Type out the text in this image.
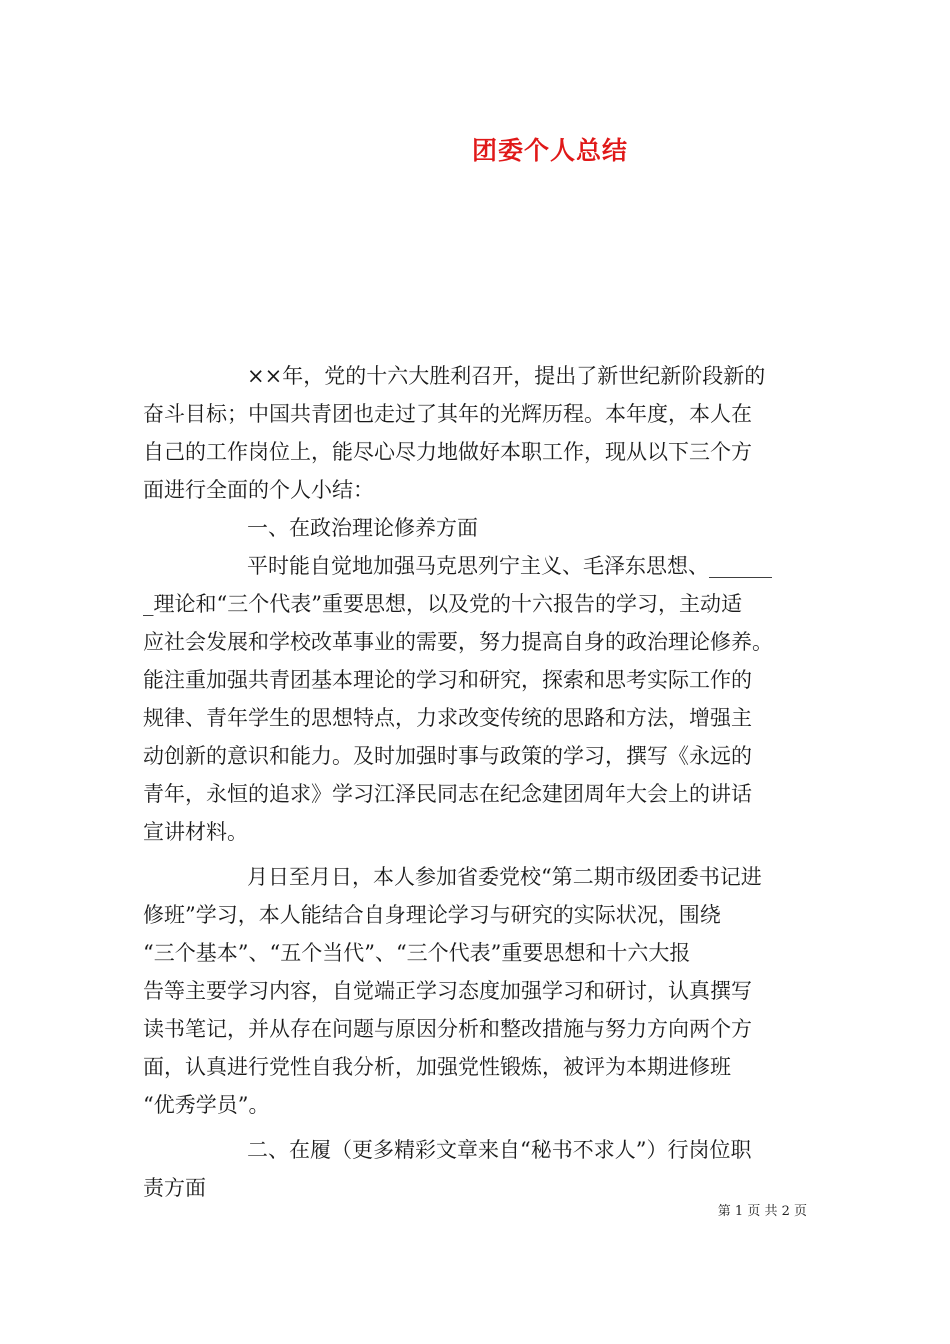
团委个人总结
××年，党的十六大胜利召开，提出了新世纪新阶段新的
奋斗目标；中国共青团也走过了其年的光辉历程。本年度，本人在
自己的工作岗位上，能尽心尽力地做好本职工作，现从以下三个方
面进行全面的个人小结：
一、在政治理论修养方面
平时能自觉地加强马克思列宁主义、毛泽东思想、______
_理论和“三个代表”重要思想，以及党的十六报告的学习，主动适
应社会发展和学校改革事业的需要，努力提高自身的政治理论修养。
能注重加强共青团基本理论的学习和研究，探索和思考实际工作的
规律、青年学生的思想特点，力求改变传统的思路和方法，增强主
动创新的意识和能力。及时加强时事与政策的学习，撰写《永远的
青年，永恒的追求》学习江泽民同志在纪念建团周年大会上的讲话
宣讲材料。
月日至月日，本人参加省委党校“第二期市级团委书记进
修班”学习，本人能结合自身理论学习与研究的实际状况，围绕
“三个基本”、“五个当代”、“三个代表”重要思想和十六大报
告等主要学习内容，自觉端正学习态度加强学习和研讨，认真撰写
读书笔记，并从存在问题与原因分析和整改措施与努力方向两个方
面，认真进行党性自我分析，加强党性锻炼，被评为本期进修班
“优秀学员”。
二、在履（更多精彩文章来自“秘书不求人”）行岗位职
责方面
第 1 页 共 2 页
